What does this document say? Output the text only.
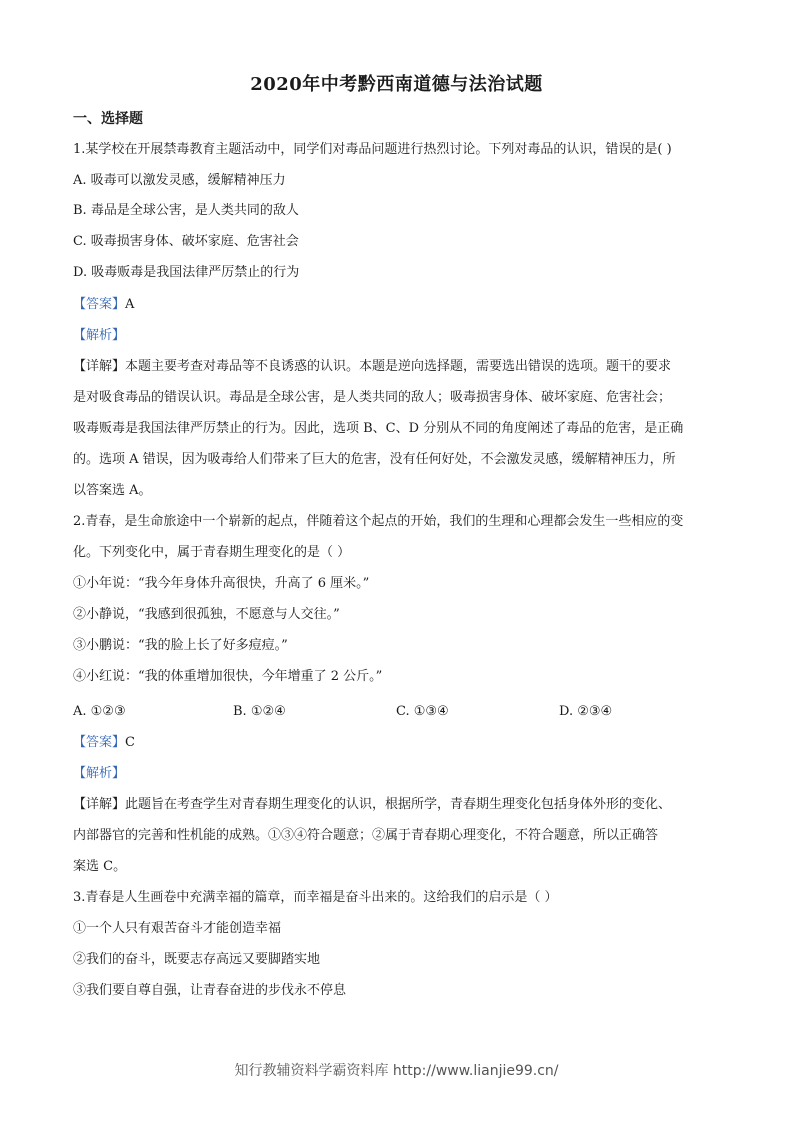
2020年中考黔西南道德与法治试题
一、选择题
1.某学校在开展禁毒教育主题活动中，同学们对毒品问题进行热烈讨论。下列对毒品的认识，错误的是( )
A. 吸毒可以激发灵感，缓解精神压力
B. 毒品是全球公害，是人类共同的敌人
C. 吸毒损害身体、破坏家庭、危害社会
D. 吸毒贩毒是我国法律严厉禁止的行为
【答案】A
【解析】
【详解】本题主要考查对毒品等不良诱惑的认识。本题是逆向选择题，需要选出错误的选项。题干的要求
是对吸食毒品的错误认识。毒品是全球公害，是人类共同的敌人；吸毒损害身体、破坏家庭、危害社会；
吸毒贩毒是我国法律严厉禁止的行为。因此，选项 B、C、D 分别从不同的角度阐述了毒品的危害，是正确
的。选项 A 错误，因为吸毒给人们带来了巨大的危害，没有任何好处，不会激发灵感，缓解精神压力，所
以答案选 A。
2.青春，是生命旅途中一个崭新的起点，伴随着这个起点的开始，我们的生理和心理都会发生一些相应的变
化。下列变化中，属于青春期生理变化的是（ ）
①小年说：“我今年身体升高很快，升高了 6 厘米。”
②小静说，“我感到很孤独，不愿意与人交往。”
③小鹏说：“我的脸上长了好多痘痘。”
④小红说：“我的体重增加很快，今年增重了 2 公斤。”
A. ①②③	B. ①②④	C. ①③④	D. ②③④
【答案】C
【解析】
【详解】此题旨在考查学生对青春期生理变化的认识，根据所学，青春期生理变化包括身体外形的变化、
内部器官的完善和性机能的成熟。①③④符合题意；②属于青春期心理变化，不符合题意，所以正确答
案选 C。
3.青春是人生画卷中充满幸福的篇章，而幸福是奋斗出来的。这给我们的启示是（ ）
①一个人只有艰苦奋斗才能创造幸福
②我们的奋斗，既要志存高远又要脚踏实地
③我们要自尊自强，让青春奋进的步伐永不停息
知行教辅资料学霸资料库 http://www.lianjie99.cn/
